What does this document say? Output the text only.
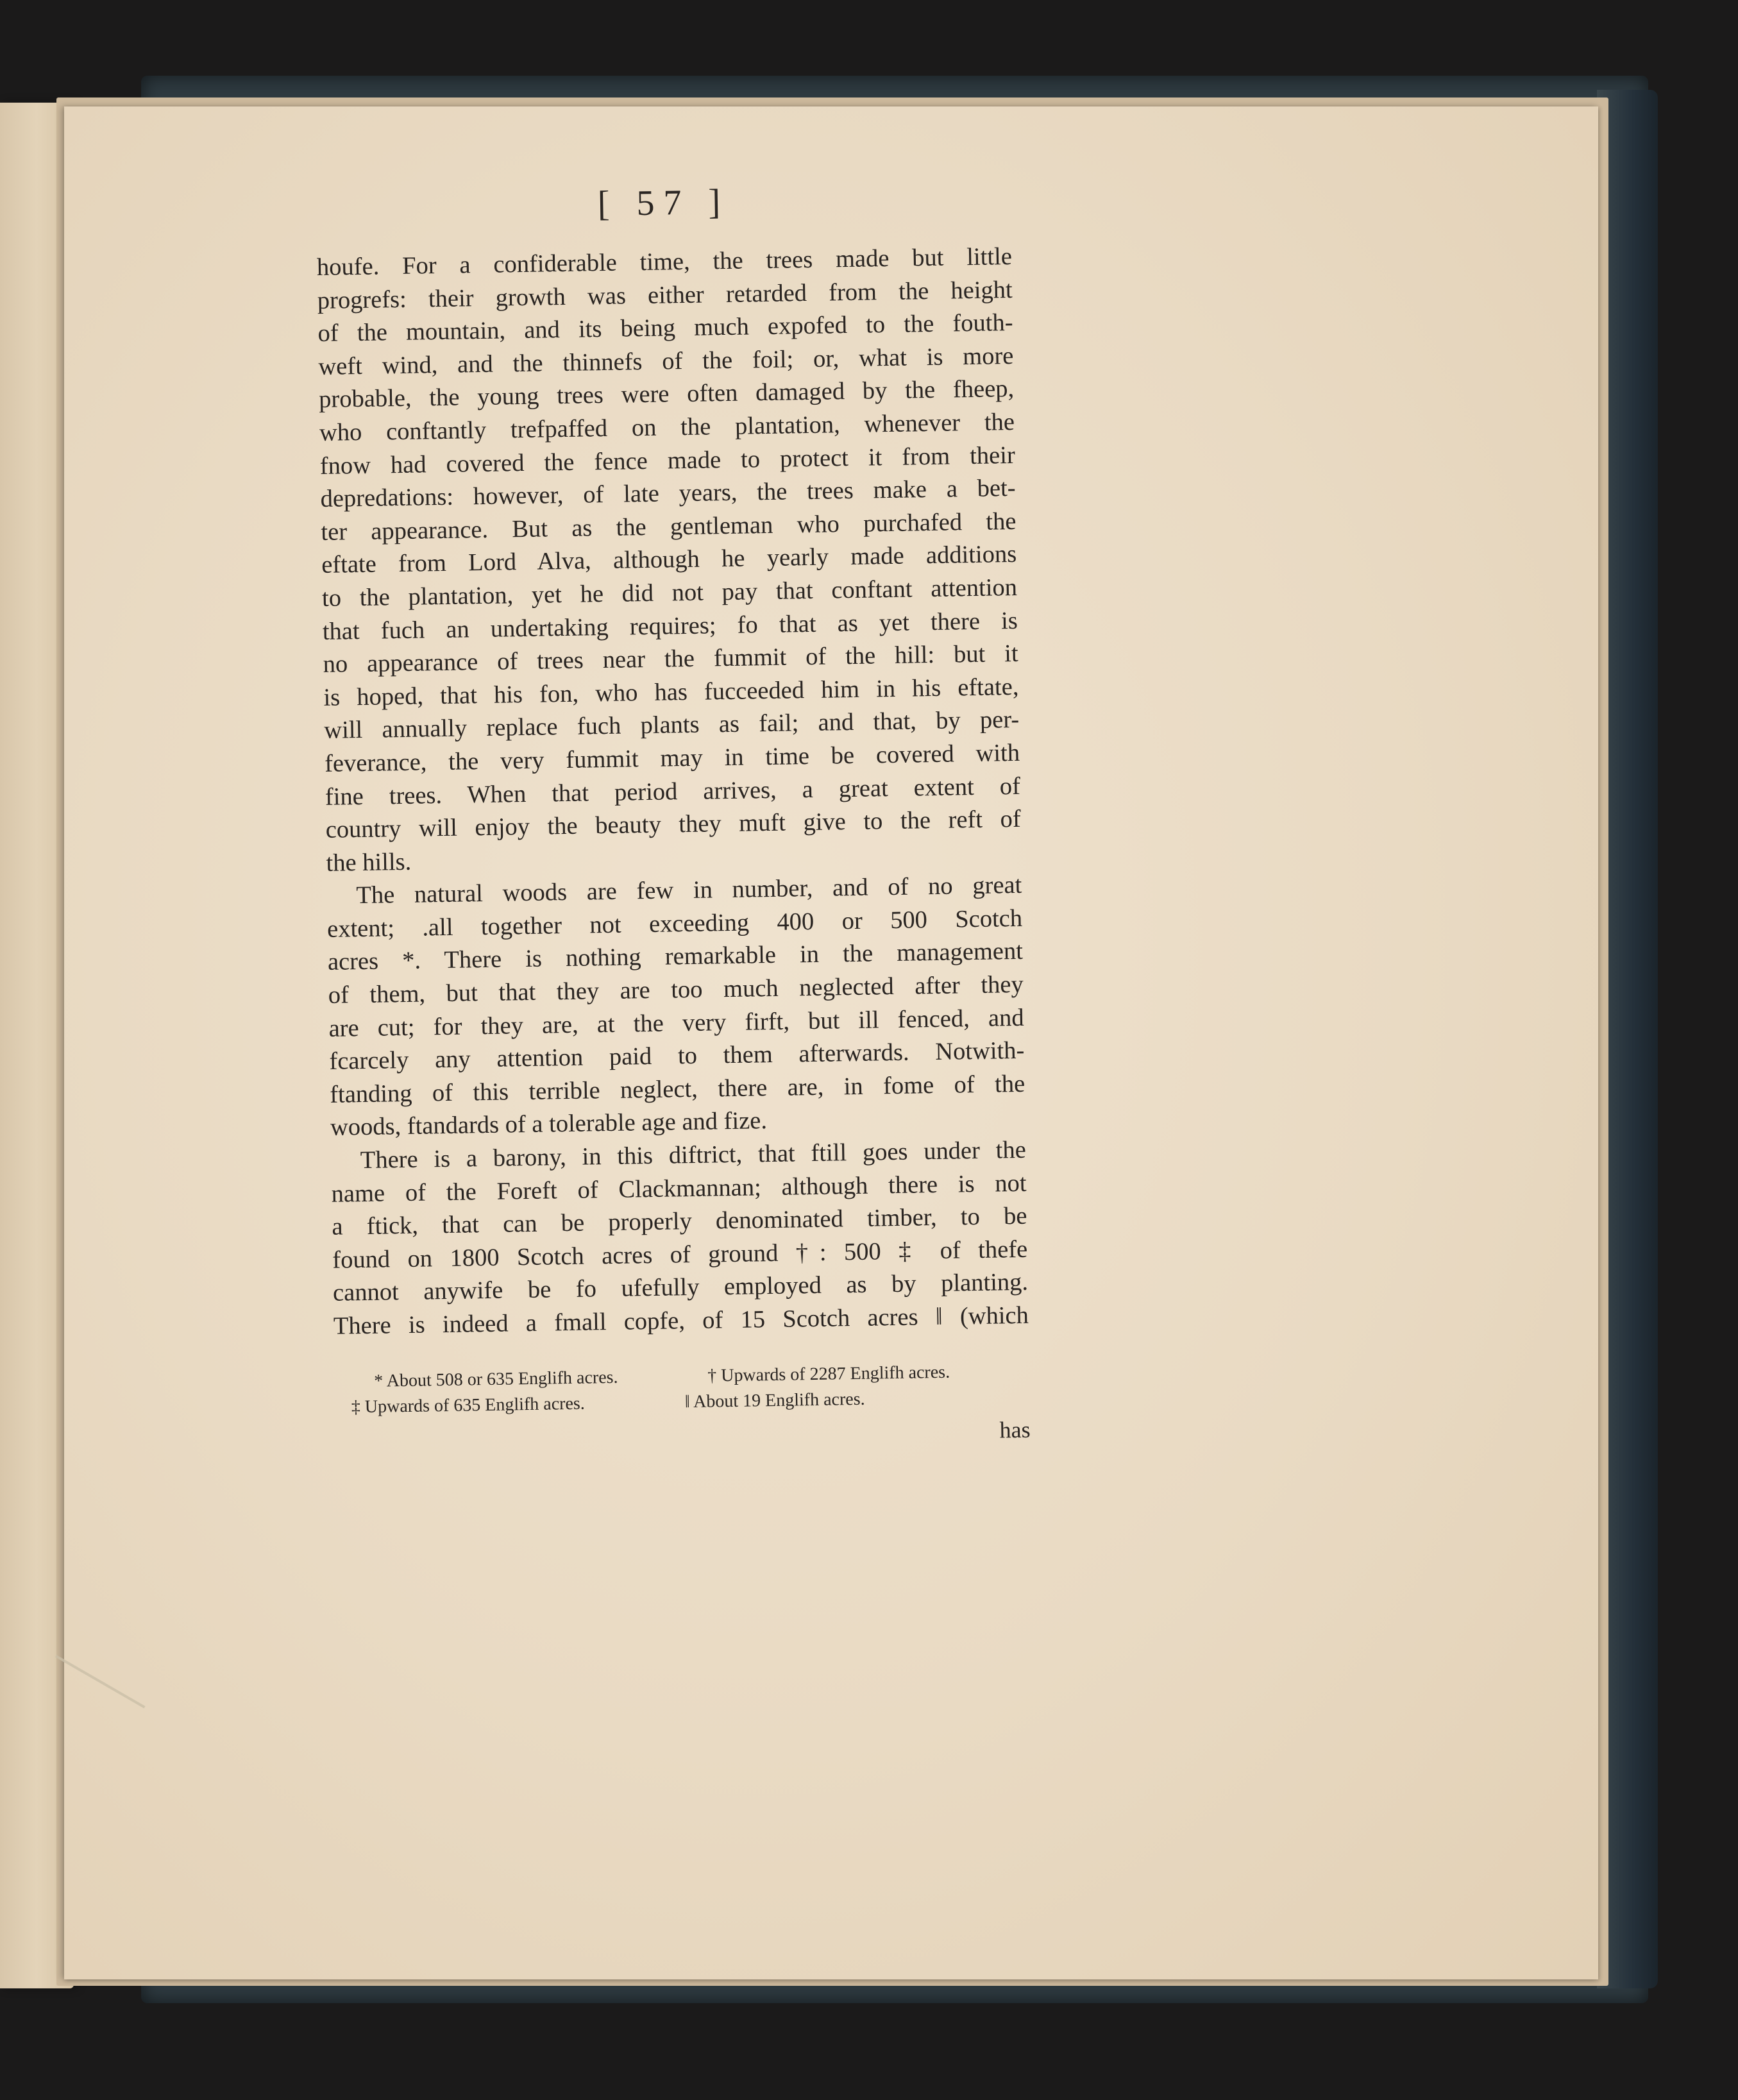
[ 57 ]
houfe. For a confiderable time, the trees made but little
progrefs: their growth was either retarded from the height
of the mountain, and its being much expofed to the fouth-
weft wind, and the thinnefs of the foil; or, what is more
probable, the young trees were often damaged by the fheep,
who conftantly trefpaffed on the plantation, whenever the
fnow had covered the fence made to protect it from their
depredations: however, of late years, the trees make a bet-
ter appearance. But as the gentleman who purchafed the
eftate from Lord Alva, although he yearly made additions
to the plantation, yet he did not pay that conftant attention
that fuch an undertaking requires; fo that as yet there is
no appearance of trees near the fummit of the hill: but it
is hoped, that his fon, who has fucceeded him in his eftate,
will annually replace fuch plants as fail; and that, by per-
feverance, the very fummit may in time be covered with
fine trees. When that period arrives, a great extent of
country will enjoy the beauty they muft give to the reft of
the hills.
The natural woods are few in number, and of no great
extent; .all together not exceeding 400 or 500 Scotch
acres *. There is nothing remarkable in the management
of them, but that they are too much neglected after they
are cut; for they are, at the very firft, but ill fenced, and
fcarcely any attention paid to them afterwards. Notwith-
ftanding of this terrible neglect, there are, in fome of the
woods, ftandards of a tolerable age and fize.
There is a barony, in this diftrict, that ftill goes under the
name of the Foreft of Clackmannan; although there is not
a ftick, that can be properly denominated timber, to be
found on 1800 Scotch acres of ground †: 500 ‡ of thefe
cannot anywife be fo ufefully employed as by planting.
There is indeed a fmall copfe, of 15 Scotch acres ‖ (which
* About 508 or 635 Englifh acres.	† Upwards of 2287 Englifh acres.
‡ Upwards of 635 Englifh acres.	‖ About 19 Englifh acres.
has
